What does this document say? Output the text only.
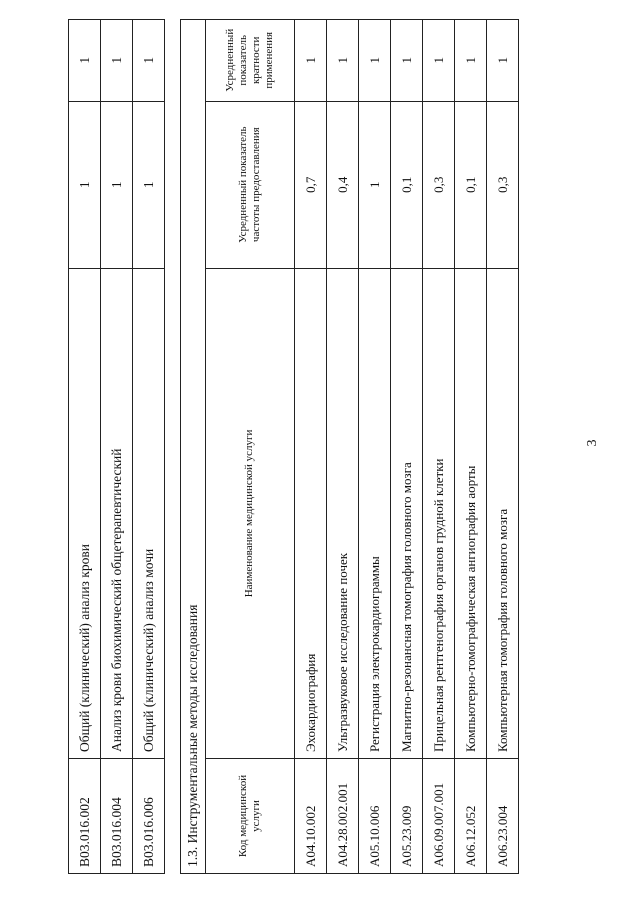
3
B03.016.002	Общий (клинический) анализ крови	1	1
B03.016.004	Анализ крови биохимический общетерапевтический	1	1
B03.016.006	Общий (клинический) анализ мочи	1	1
1.3. Инструментальные методы исследования			
Код медицинской услуги	Наименование медицинской услуги	Усредненный показатель частоты предоставления	Усредненный показатель кратности применения
A04.10.002	Эхокардиография	0,7	1
A04.28.002.001	Ультразвуковое исследование почек	0,4	1
A05.10.006	Регистрация электрокардиограммы	1	1
A05.23.009	Магнитно-резонансная томография головного мозга	0,1	1
A06.09.007.001	Прицельная рентгенография органов грудной клетки	0,3	1
A06.12.052	Компьютерно-томографическая ангиография аорты	0,1	1
A06.23.004	Компьютерная томография головного мозга	0,3	1
